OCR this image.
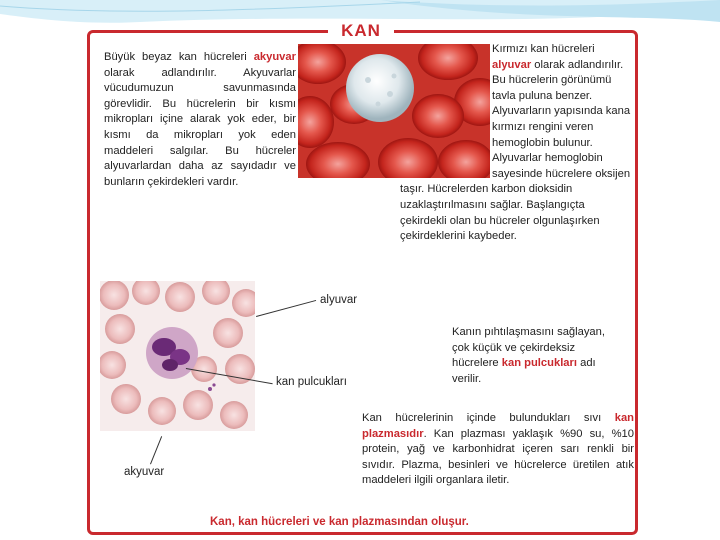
KAN

Büyük beyaz kan hücreleri akyuvar olarak adlandırılır. Akyuvarlar vücudumuzun savunmasında görevlidir. Bu hücrelerin bir kısmı mikropları içine alarak yok eder, bir kısmı da mikropları yok eden maddeleri salgılar. Bu hücreler alyuvarlardan daha az sayıdadır ve bunların çekirdekleri vardır.

Kırmızı kan hücreleri alyuvar olarak adlandırılır. Bu hücrelerin görünümü tavla puluna benzer. Alyuvarların yapısında kana kırmızı rengini veren hemoglobin bulunur. Alyuvarlar hemoglobin sayesinde hücrelere oksijen taşır. Hücrelerden karbon dioksidin uzaklaştırılmasını sağlar. Başlangıçta çekirdekli olan bu hücreler olgunlaşırken çekirdeklerini kaybeder.

alyuvar
kan pulcukları
akyuvar

Kanın pıhtılaşmasını sağlayan, çok küçük ve çekirdeksiz hücrelere kan pulcukları adı verilir.

Kan hücrelerinin içinde bulundukları sıvı kan plazmasıdır. Kan plazması yaklaşık %90 su, %10 protein, yağ ve karbonhidrat içeren sarı renkli bir sıvıdır. Plazma, besinleri ve hücrelerce üretilen atık maddeleri ilgili organlara iletir.

Kan, kan hücreleri ve kan plazmasından oluşur.
